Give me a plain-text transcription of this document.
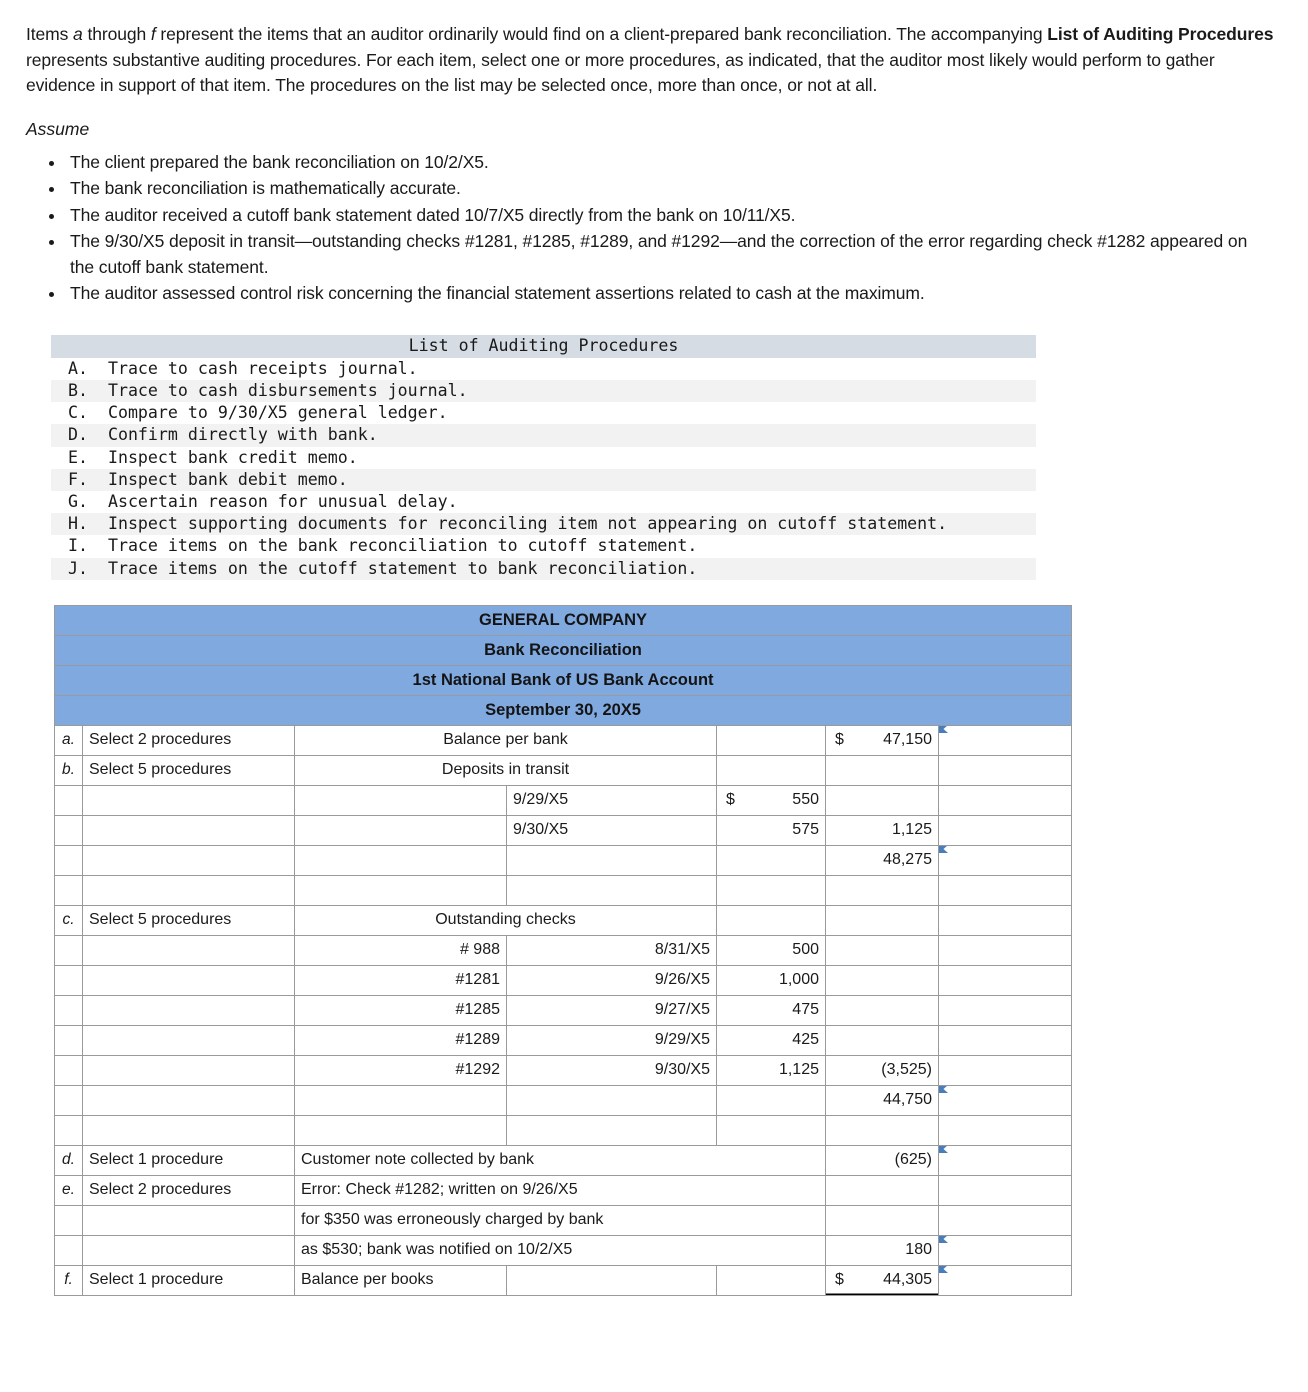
Items a through f represent the items that an auditor ordinarily would find on a client-prepared bank reconciliation. The accompanying List of Auditing Procedures represents substantive auditing procedures. For each item, select one or more procedures, as indicated, that the auditor most likely would perform to gather evidence in support of that item. The procedures on the list may be selected once, more than once, or not at all.

Assume
• The client prepared the bank reconciliation on 10/2/X5.
• The bank reconciliation is mathematically accurate.
• The auditor received a cutoff bank statement dated 10/7/X5 directly from the bank on 10/11/X5.
• The 9/30/X5 deposit in transit—outstanding checks #1281, #1285, #1289, and #1292—and the correction of the error regarding check #1282 appeared on the cutoff bank statement.
• The auditor assessed control risk concerning the financial statement assertions related to cash at the maximum.
List of Auditing Procedures
A.  Trace to cash receipts journal.
B.  Trace to cash disbursements journal.
C.  Compare to 9/30/X5 general ledger.
D.  Confirm directly with bank.
E.  Inspect bank credit memo.
F.  Inspect bank debit memo.
G.  Ascertain reason for unusual delay.
H.  Inspect supporting documents for reconciling item not appearing on cutoff statement.
I.  Trace items on the bank reconciliation to cutoff statement.
J.  Trace items on the cutoff statement to bank reconciliation.
GENERAL COMPANY						
Bank Reconciliation						
1st National Bank of US Bank Account						
September 30, 20X5						
a.	Select 2 procedures	Balance per bank			$ 47,150	

b.	Select 5 procedures	Deposits in transit				
			9/29/X5	$ 550		
			9/30/X5	575	1,125	
					48,275	

c.	Select 5 procedures	Outstanding checks				
		# 988	8/31/X5	500		
		#1281	9/26/X5	1,000		
		#1285	9/27/X5	475		
		#1289	9/29/X5	425		
		#1292	9/30/X5	1,125	(3,525)	
					44,750	

d.	Select 1 procedure	Customer note collected by bank			(625)	

e.	Select 2 procedures	Error: Check #1282; written on 9/26/X5				
		for $350 was erroneously charged by bank				
		as $530; bank was notified on 10/2/X5			180	

f.	Select 1 procedure	Balance per books			$ 44,305	
